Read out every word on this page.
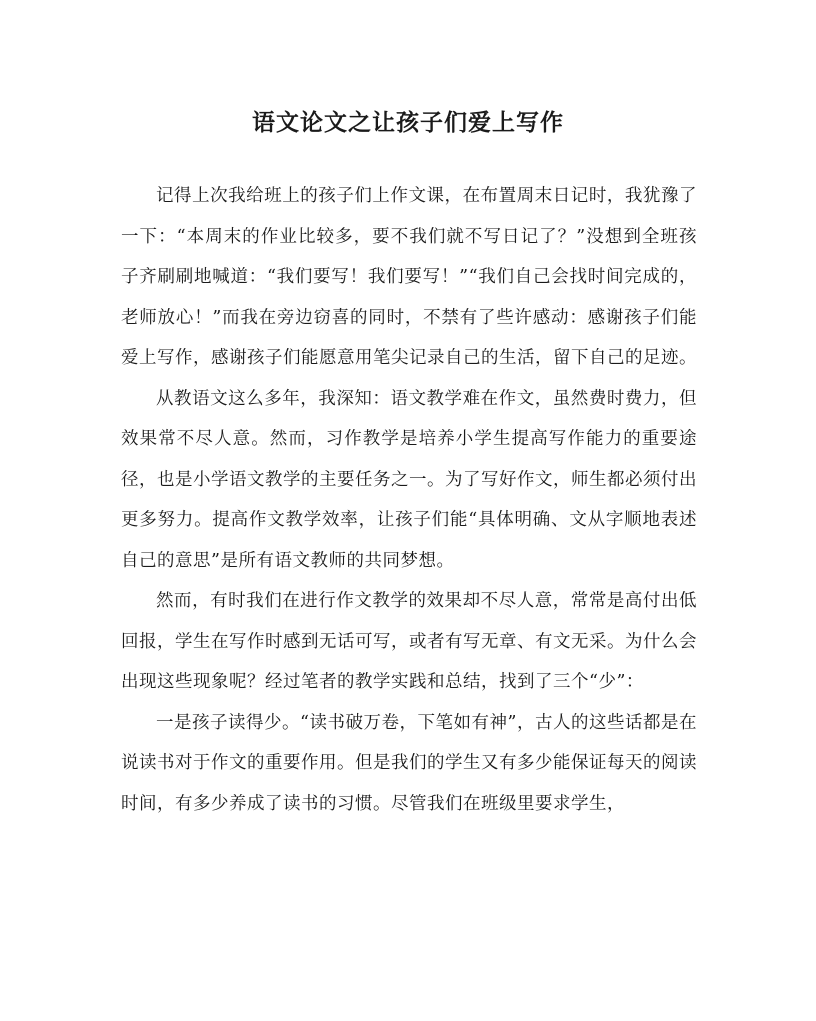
语文论文之让孩子们爱上写作

记得上次我给班上的孩子们上作文课，在布置周末日记时，我犹豫了一下：“本周末的作业比较多，要不我们就不写日记了？”没想到全班孩子齐刷刷地喊道：“我们要写！我们要写！”“我们自己会找时间完成的，老师放心！”而我在旁边窃喜的同时，不禁有了些许感动：感谢孩子们能爱上写作，感谢孩子们能愿意用笔尖记录自己的生活，留下自己的足迹。

从教语文这么多年，我深知：语文教学难在作文，虽然费时费力，但效果常不尽人意。然而，习作教学是培养小学生提高写作能力的重要途径，也是小学语文教学的主要任务之一。为了写好作文，师生都必须付出更多努力。提高作文教学效率，让孩子们能“具体明确、文从字顺地表述自己的意思”是所有语文教师的共同梦想。

然而，有时我们在进行作文教学的效果却不尽人意，常常是高付出低回报，学生在写作时感到无话可写，或者有写无章、有文无采。为什么会出现这些现象呢？经过笔者的教学实践和总结，找到了三个“少”：

一是孩子读得少。“读书破万卷，下笔如有神”，古人的这些话都是在说读书对于作文的重要作用。但是我们的学生又有多少能保证每天的阅读时间，有多少养成了读书的习惯。尽管我们在班级里要求学生，
